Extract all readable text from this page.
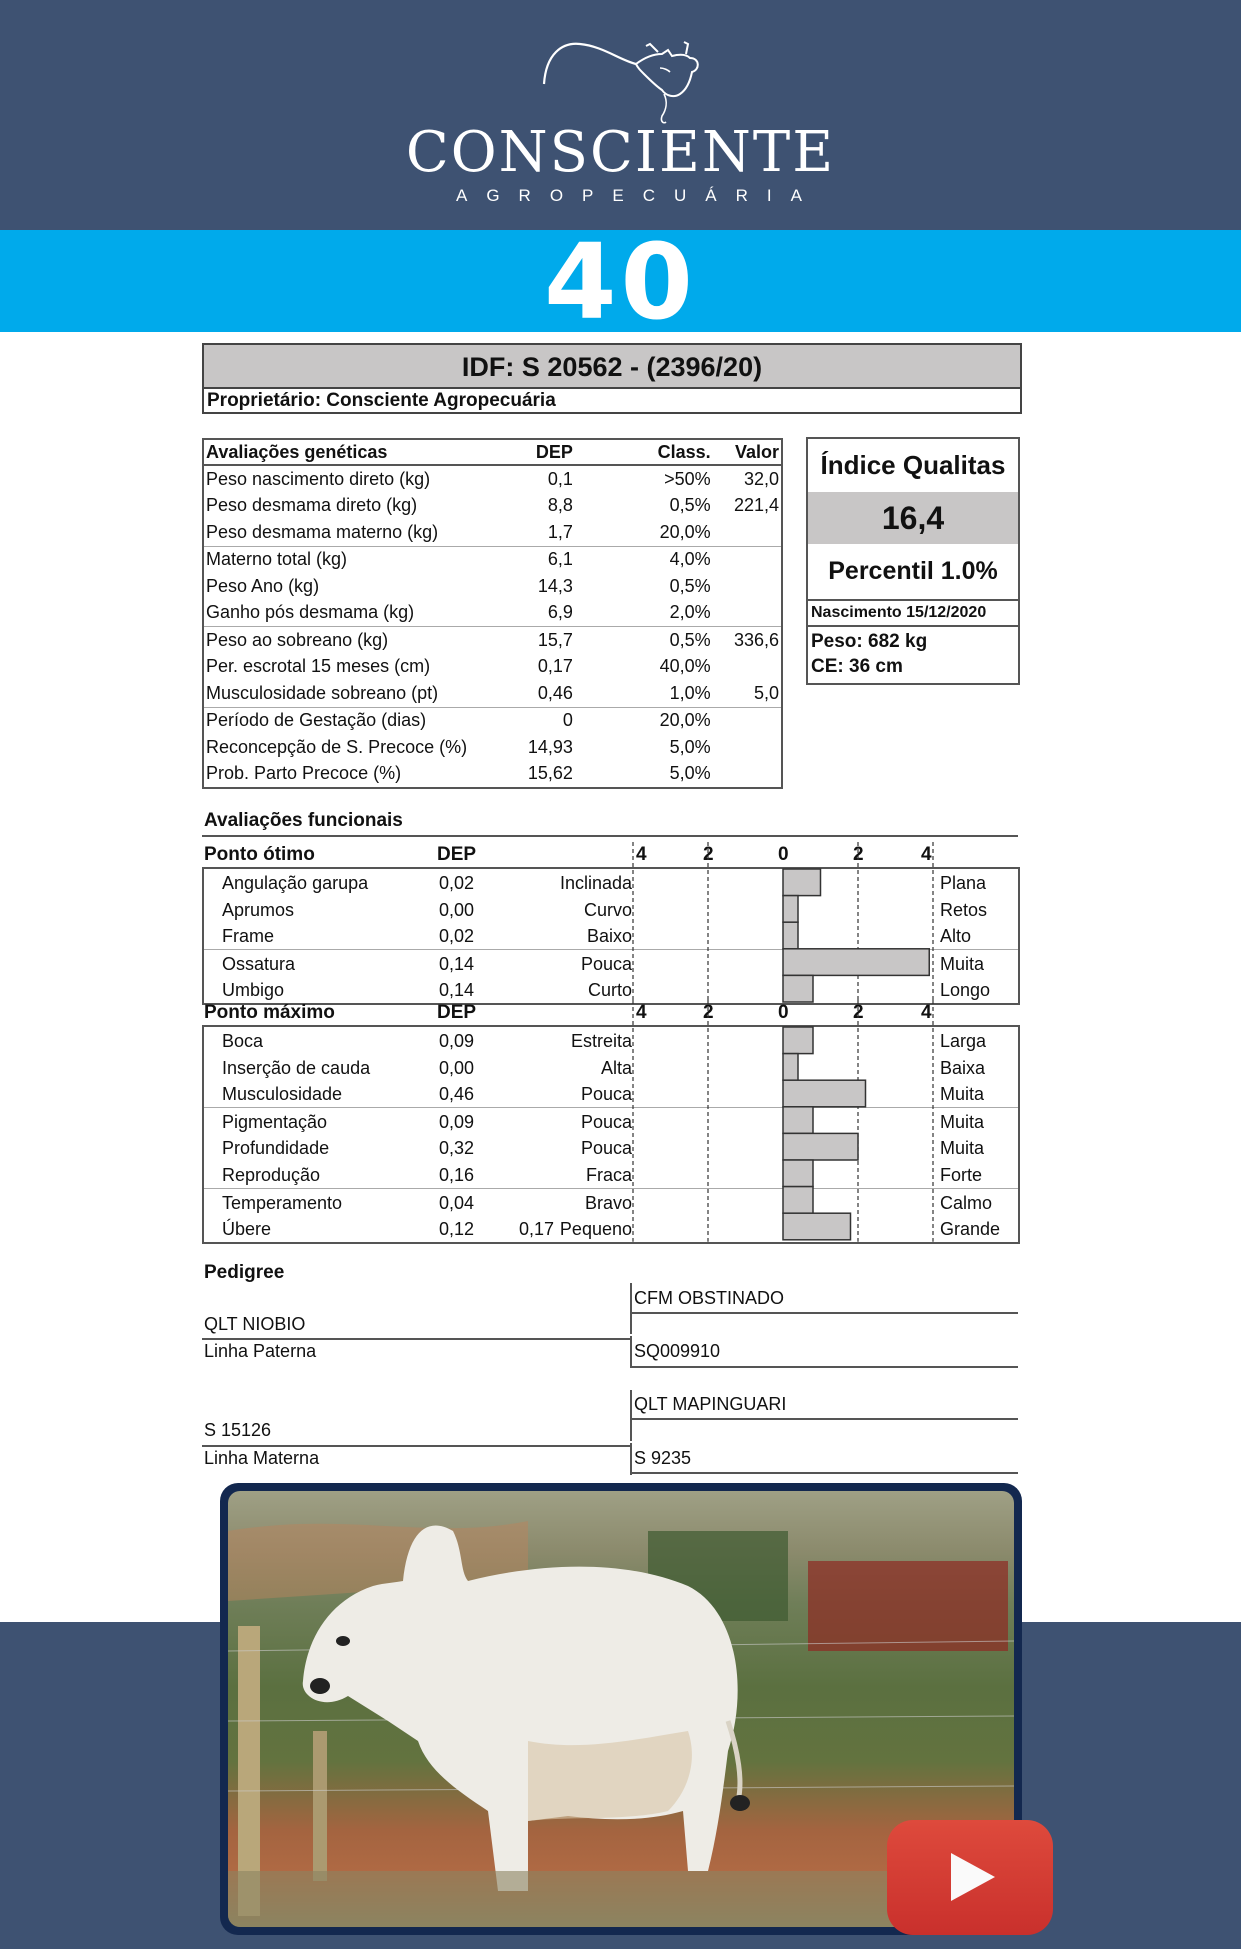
CONSCIENTE
AGROPECUÁRIA
40
IDF: S 20562 - (2396/20)
Proprietário: Consciente Agropecuária
Avaliações genéticas	DEP	Class.	Valor
Peso nascimento direto (kg)	0,1	>50%	32,0
Peso desmama direto (kg)	8,8	0,5%	221,4
Peso desmama materno (kg)	1,7	20,0%	
Materno total (kg)	6,1	4,0%	
Peso Ano (kg)	14,3	0,5%	
Ganho pós desmama (kg)	6,9	2,0%	
Peso ao sobreano (kg)	15,7	0,5%	336,6
Per. escrotal 15 meses (cm)	0,17	40,0%	
Musculosidade sobreano (pt)	0,46	1,0%	5,0
Período de Gestação (dias)	0	20,0%	
Reconcepção de S. Precoce (%)	14,93	5,0%	
Prob. Parto Precoce (%)	15,62	5,0%	
Índice Qualitas
16,4
Percentil 1.0%
Nascimento 15/12/2020
Peso: 682 kg
CE: 36 cm
Avaliações funcionais
Ponto ótimo	DEP	4	2	0	2	4
Angulação garupa	0,02	Inclinada	Plana
Aprumos	0,00	Curvo	Retos
Frame	0,02	Baixo	Alto
Ossatura	0,14	Pouca	Muita
Umbigo	0,14	Curto	Longo
Ponto máximo	DEP	4	2	0	2	4
Boca	0,09	Estreita	Larga
Inserção de cauda	0,00	Alta	Baixa
Musculosidade	0,46	Pouca	Muita
Pigmentação	0,09	Pouca	Muita
Profundidade	0,32	Pouca	Muita
Reprodução	0,16	Fraca	Forte
Temperamento	0,04	Bravo	Calmo
Úbere	0,12 0,17 Pequeno	Grande
Pedigree
CFM OBSTINADO
QLT NIOBIO
Linha Paterna	SQ009910
QLT MAPINGUARI
S 15126
Linha Materna	S 9235
